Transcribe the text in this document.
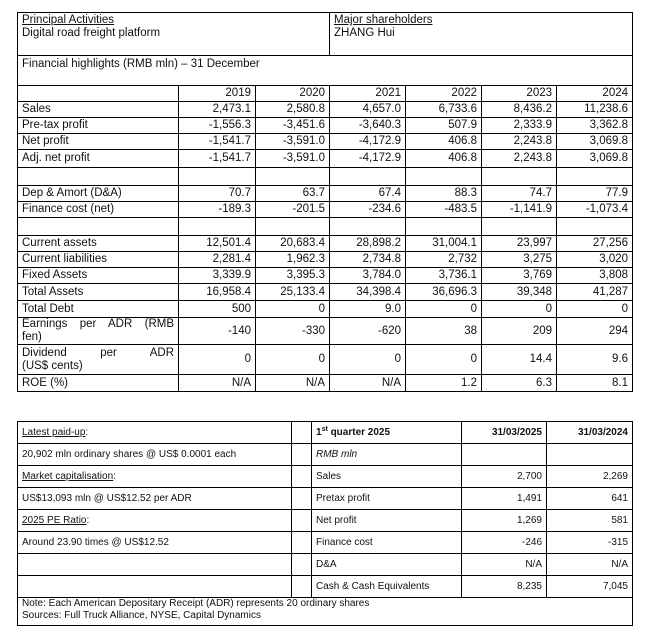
Principal Activities
Digital road freight platform			Major shareholders
ZHANG Hui			
Financial highlights (RMB mln) – 31 December						
	2019	2020	2021	2022	2023	2024
Sales	2,473.1	2,580.8	4,657.0	6,733.6	8,436.2	11,238.6
Pre-tax profit	-1,556.3	-3,451.6	-3,640.3	507.9	2,333.9	3,362.8
Net profit	-1,541.7	-3,591.0	-4,172.9	406.8	2,243.8	3,069.8
Adj. net profit	-1,541.7	-3,591.0	-4,172.9	406.8	2,243.8	3,069.8

Dep & Amort (D&A)	70.7	63.7	67.4	88.3	74.7	77.9
Finance cost (net)	-189.3	-201.5	-234.6	-483.5	-1,141.9	-1,073.4

Current assets	12,501.4	20,683.4	28,898.2	31,004.1	23,997	27,256
Current liabilities	2,281.4	1,962.3	2,734.8	2,732	3,275	3,020
Fixed Assets	3,339.9	3,395.3	3,784.0	3,736.1	3,769	3,808
Total Assets	16,958.4	25,133.4	34,398.4	36,696.3	39,348	41,287
Total Debt	500	0	9.0	0	0	0

Earnings per ADR (RMB
fen)	-140	-330	-620	38	209	294

Dividend per ADR
(US$ cents)	0	0	0	0	14.4	9.6
ROE (%)	N/A	N/A	N/A	1.2	6.3	8.1
Latest paid-up:		1st quarter 2025	31/03/2025	31/03/2024
20,902 mln ordinary shares @ US$ 0.0001 each		RMB mln		
Market capitalisation:		Sales	2,700	2,269
US$13,093 mln @ US$12.52 per ADR		Pretax profit	1,491	641
2025 PE Ratio:		Net profit	1,269	581
Around 23.90 times @ US$12.52		Finance cost	-246	-315
		D&A	N/A	N/A
		Cash & Cash Equivalents	8,235	7,045
Note: Each American Depositary Receipt (ADR) represents 20 ordinary shares
Sources: Full Truck Alliance, NYSE, Capital Dynamics				
